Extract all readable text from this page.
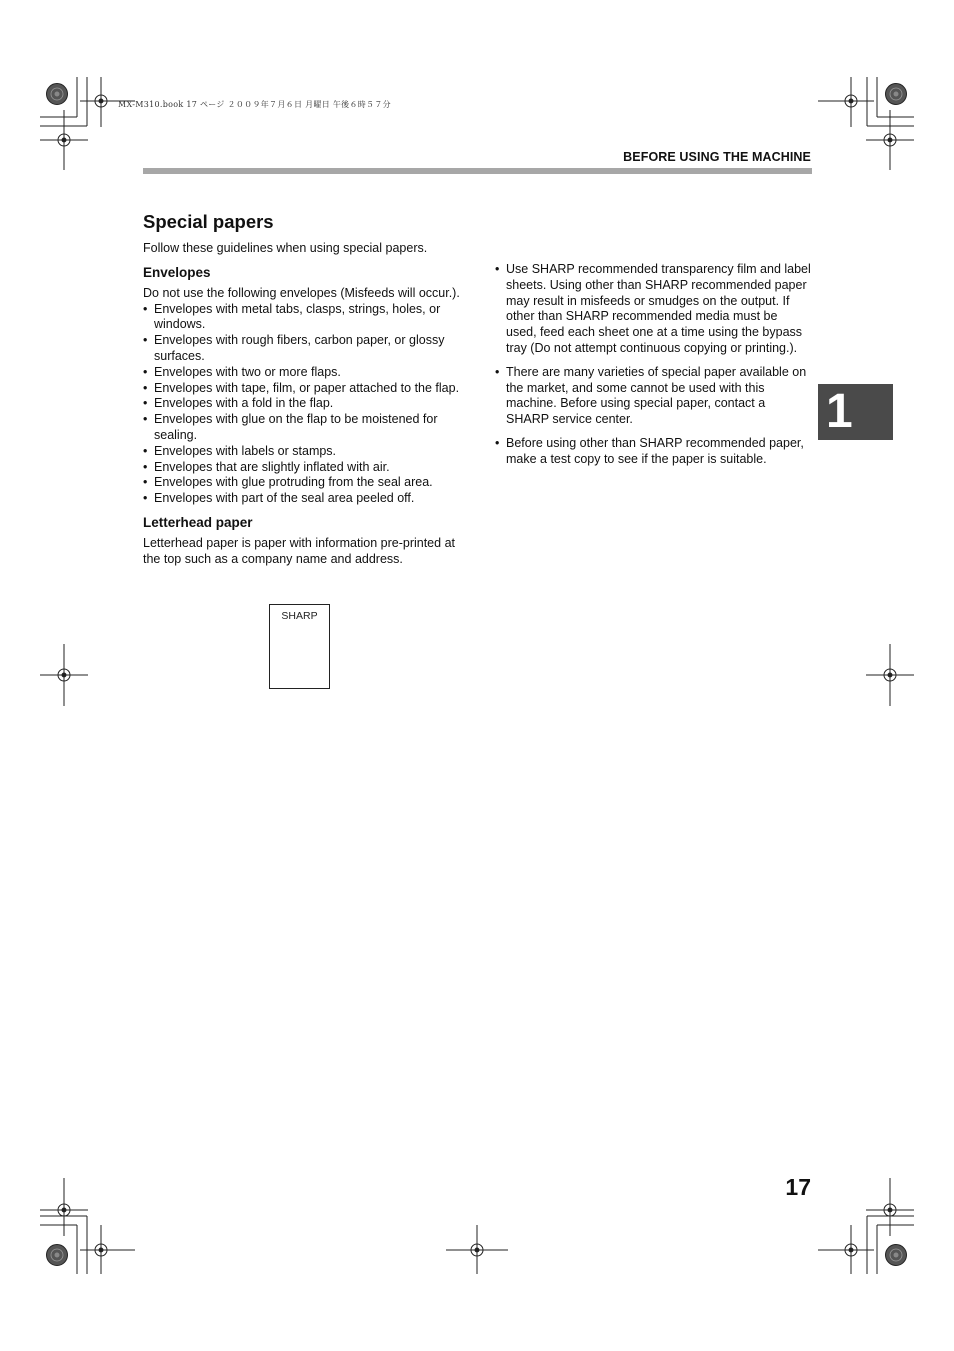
MX-M310.book 17 ページ ２００９年７月６日 月曜日 午後６時５７分
BEFORE USING THE MACHINE
Special papers

Follow these guidelines when using special papers.

Envelopes

Do not use the following envelopes (Misfeeds will occur.).

• Envelopes with metal tabs, clasps, strings, holes, or windows.
• Envelopes with rough fibers, carbon paper, or glossy surfaces.
• Envelopes with two or more flaps.
• Envelopes with tape, film, or paper attached to the flap.
• Envelopes with a fold in the flap.
• Envelopes with glue on the flap to be moistened for sealing.
• Envelopes with labels or stamps.
• Envelopes that are slightly inflated with air.
• Envelopes with glue protruding from the seal area.
• Envelopes with part of the seal area peeled off.
Letterhead paper

Letterhead paper is paper with information pre-printed at the top such as a company name and address.

SHARP
• Use SHARP recommended transparency film and label sheets. Using other than SHARP recommended paper may result in misfeeds or smudges on the output. If other than SHARP recommended media must be used, feed each sheet one at a time using the bypass tray (Do not attempt continuous copying or printing.).
• There are many varieties of special paper available on the market, and some cannot be used with this machine. Before using special paper, contact a SHARP service center.
• Before using other than SHARP recommended paper, make a test copy to see if the paper is suitable.
1
17
